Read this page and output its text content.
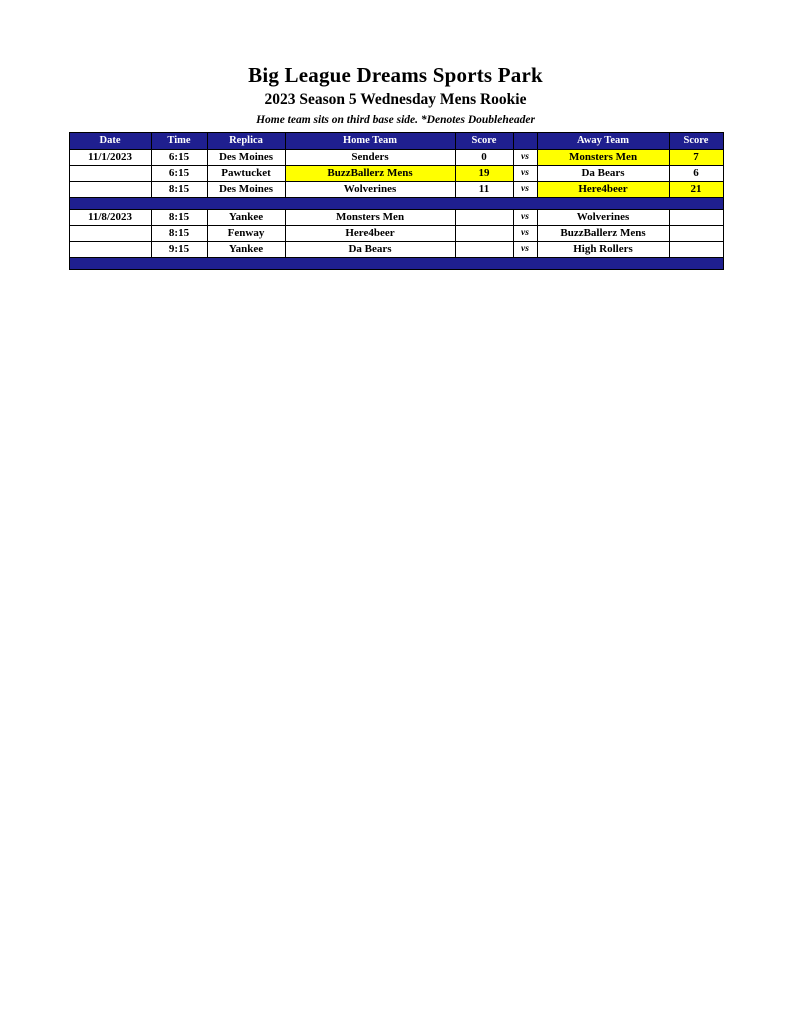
Big League Dreams Sports Park
2023 Season 5 Wednesday Mens Rookie
Home team sits on third base side. *Denotes Doubleheader
Date	Time	Replica	Home Team	Score		Away Team	Score
11/1/2023	6:15	Des Moines	Senders	0	vs	Monsters Men	7
	6:15	Pawtucket	BuzzBallerz Mens	19	vs	Da Bears	6
	8:15	Des Moines	Wolverines	11	vs	Here4beer	21

11/8/2023	8:15	Yankee	Monsters Men		vs	Wolverines	
	8:15	Fenway	Here4beer		vs	BuzzBallerz Mens	
	9:15	Yankee	Da Bears		vs	High Rollers	
